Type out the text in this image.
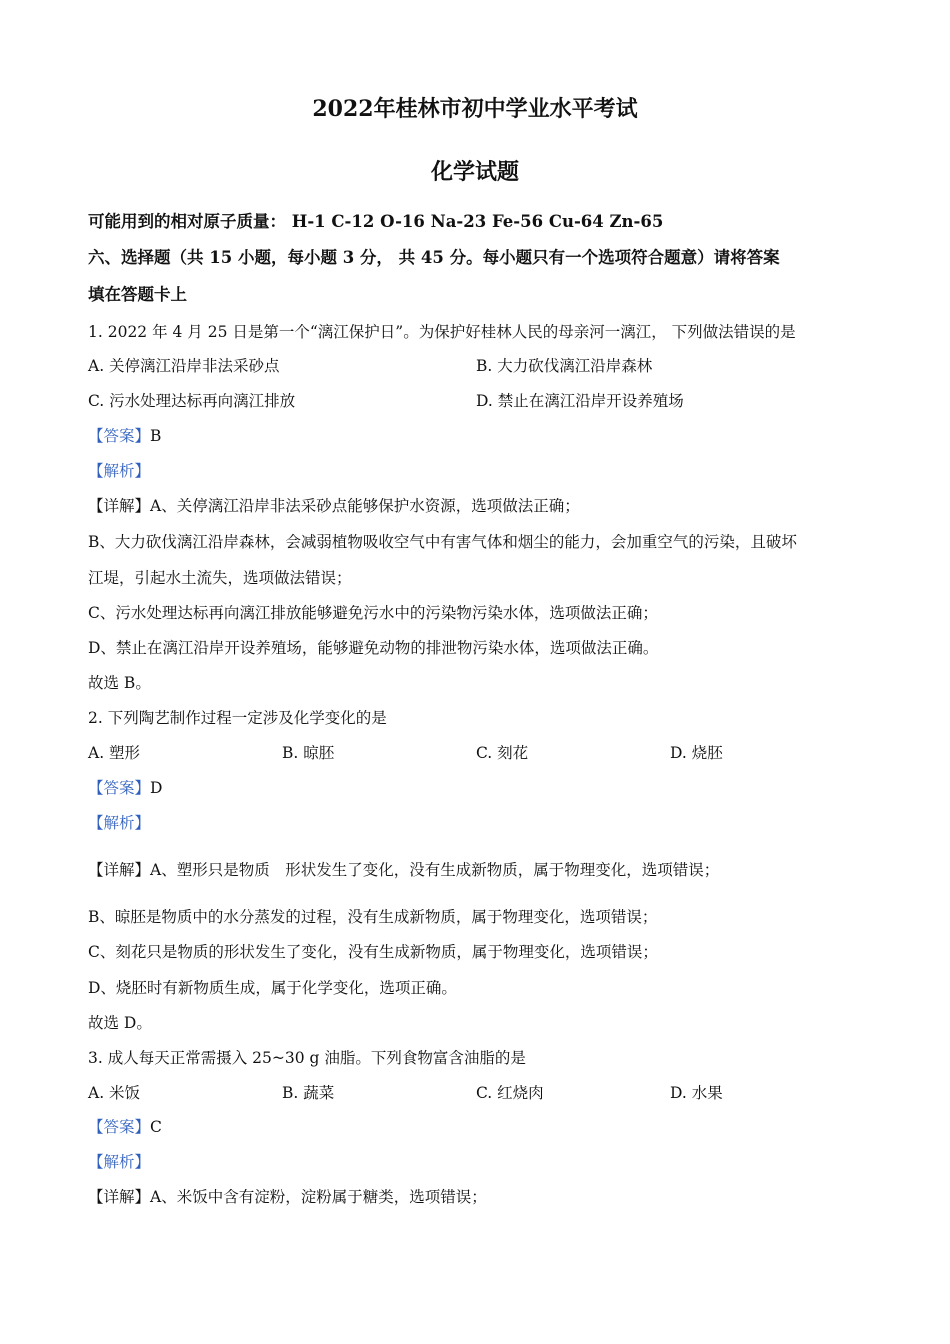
2022年桂林市初中学业水平考试
化学试题
可能用到的相对原子质量： H-1 C-12 O-16 Na-23 Fe-56 Cu-64 Zn-65
六、选择题（共 15 小题，每小题 3 分， 共 45 分。每小题只有一个选项符合题意）请将答案
填在答题卡上
1. 2022 年 4 月 25 日是第一个“漓江保护日”。为保护好桂林人民的母亲河一漓江， 下列做法错误的是
A. 关停漓江沿岸非法采砂点	B. 大力砍伐漓江沿岸森林
C. 污水处理达标再向漓江排放	D. 禁止在漓江沿岸开设养殖场
【答案】B
【解析】
【详解】A、关停漓江沿岸非法采砂点能够保护水资源，选项做法正确；
B、大力砍伐漓江沿岸森林，会减弱植物吸收空气中有害气体和烟尘的能力，会加重空气的污染，且破坏
江堤，引起水土流失，选项做法错误；
C、污水处理达标再向漓江排放能够避免污水中的污染物污染水体，选项做法正确；
D、禁止在漓江沿岸开设养殖场，能够避免动物的排泄物污染水体，选项做法正确。
故选 B。
2. 下列陶艺制作过程一定涉及化学变化的是
A. 塑形	B. 晾胚	C. 刻花	D. 烧胚
【答案】D
【解析】
【详解】A、塑形只是物质　形状发生了变化，没有生成新物质，属于物理变化，选项错误；
B、晾胚是物质中的水分蒸发的过程，没有生成新物质，属于物理变化，选项错误；
C、刻花只是物质的形状发生了变化，没有生成新物质，属于物理变化，选项错误；
D、烧胚时有新物质生成，属于化学变化，选项正确。
故选 D。
3. 成人每天正常需摄入 25~30 g 油脂。下列食物富含油脂的是
A. 米饭	B. 蔬菜	C. 红烧肉	D. 水果
【答案】C
【解析】
【详解】A、米饭中含有淀粉，淀粉属于糖类，选项错误；
